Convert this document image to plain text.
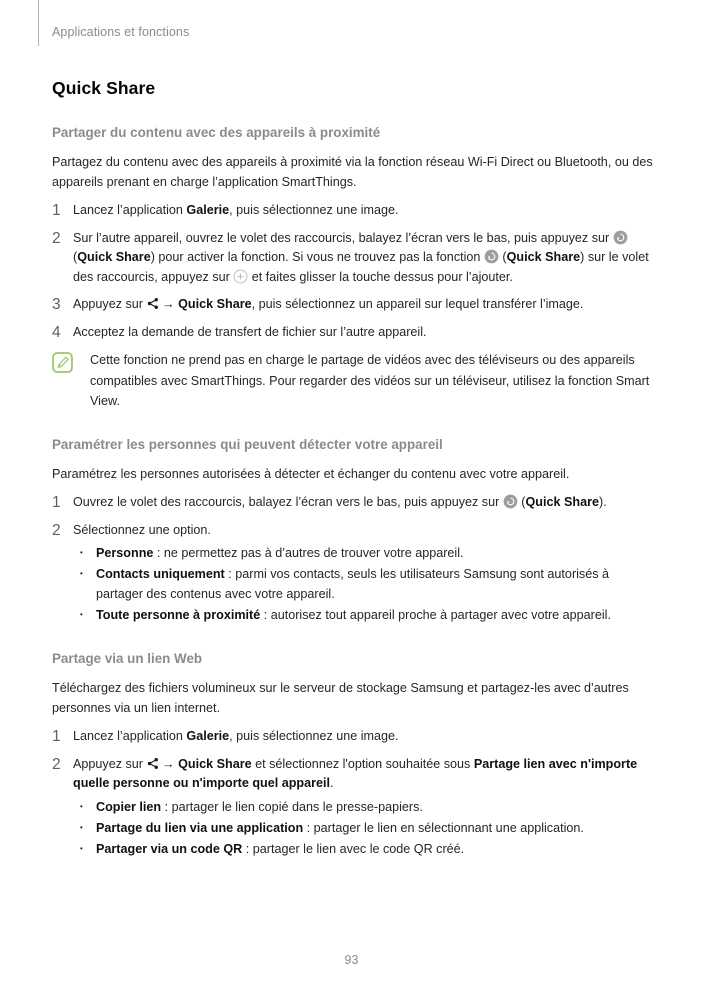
Applications et fonctions
Quick Share
Partager du contenu avec des appareils à proximité

Partagez du contenu avec des appareils à proximité via la fonction réseau Wi-Fi Direct ou Bluetooth, ou des appareils prenant en charge l’application SmartThings.

1 Lancez l’application Galerie, puis sélectionnez une image.
2 Sur l’autre appareil, ouvrez le volet des raccourcis, balayez l’écran vers le bas, puis appuyez sur  (Quick Share) pour activer la fonction. Si vous ne trouvez pas la fonction  (Quick Share) sur le volet des raccourcis, appuyez sur  et faites glisser la touche dessus pour l’ajouter.
3 Appuyez sur  → Quick Share, puis sélectionnez un appareil sur lequel transférer l’image.
4 Acceptez la demande de transfert de fichier sur l’autre appareil.
Cette fonction ne prend pas en charge le partage de vidéos avec des téléviseurs ou des appareils compatibles avec SmartThings. Pour regarder des vidéos sur un téléviseur, utilisez la fonction Smart View.
Paramétrer les personnes qui peuvent détecter votre appareil

Paramétrez les personnes autorisées à détecter et échanger du contenu avec votre appareil.

1 Ouvrez le volet des raccourcis, balayez l’écran vers le bas, puis appuyez sur  (Quick Share).
2 Sélectionnez une option.
•	Personne : ne permettez pas à d’autres de trouver votre appareil.
•	Contacts uniquement : parmi vos contacts, seuls les utilisateurs Samsung sont autorisés à partager des contenus avec votre appareil.
•	Toute personne à proximité : autorisez tout appareil proche à partager avec votre appareil.
Partage via un lien Web

Téléchargez des fichiers volumineux sur le serveur de stockage Samsung et partagez-les avec d’autres personnes via un lien internet.

1 Lancez l’application Galerie, puis sélectionnez une image.
2 Appuyez sur  → Quick Share et sélectionnez l'option souhaitée sous Partage lien avec n'importe quelle personne ou n'importe quel appareil.
•	Copier lien : partager le lien copié dans le presse-papiers.
•	Partage du lien via une application : partager le lien en sélectionnant une application.
•	Partager via un code QR : partager le lien avec le code QR créé.
93
